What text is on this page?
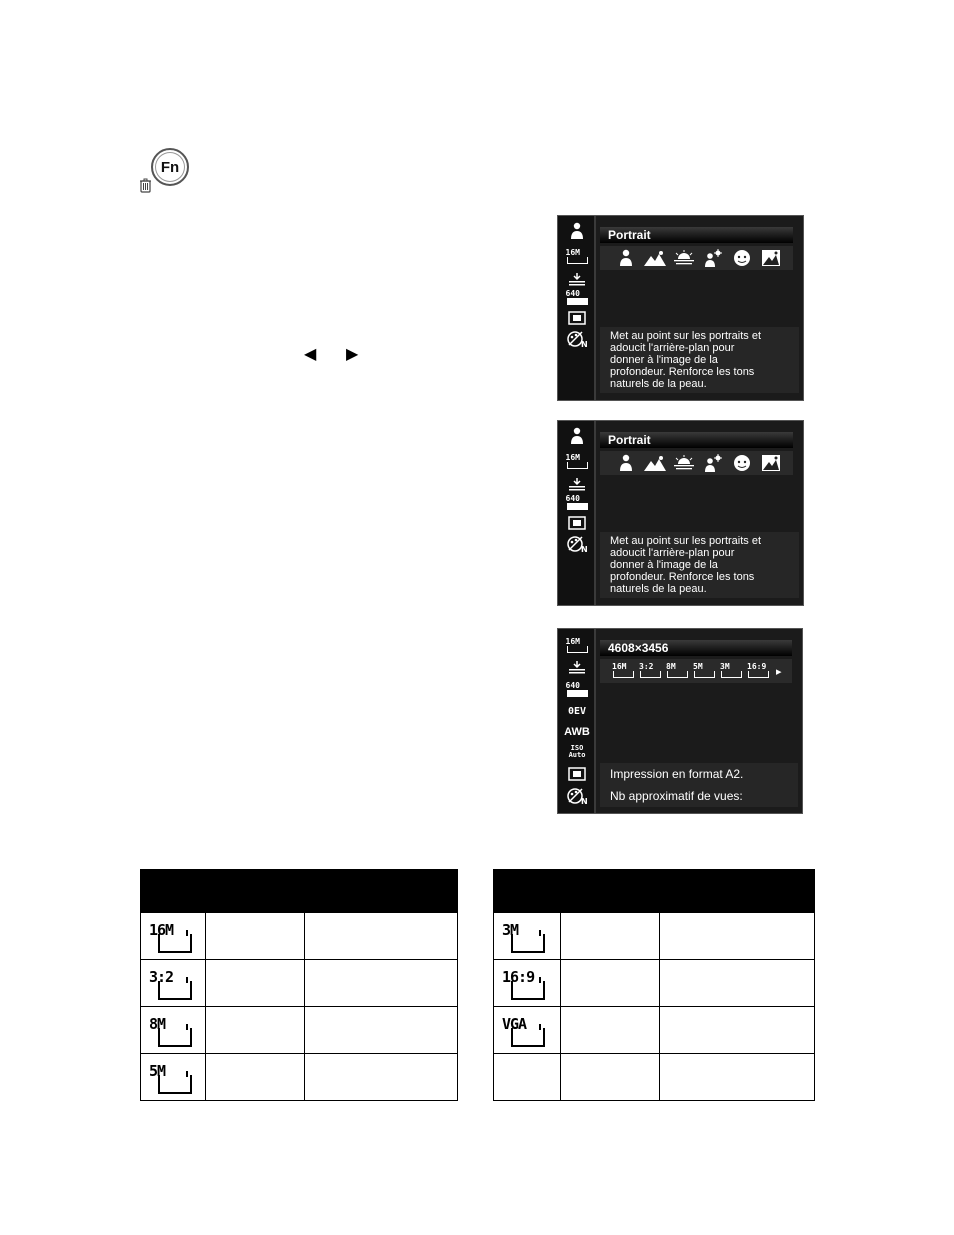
Fn
◀ ▶
16M
640
N
Portrait
Met au point sur les portraits et
adoucit l'arrière-plan pour
donner à l'image de la
profondeur. Renforce les tons
naturels de la peau.
16M
640
N
Portrait
Met au point sur les portraits et
adoucit l'arrière-plan pour
donner à l'image de la
profondeur. Renforce les tons
naturels de la peau.
16M
640
0EV
AWB
ISO Auto
N
4608×3456
16M 3:2 8M 5M 3M 16:9 ▸
Impression en format A2.
Nb approximatif de vues:

16M		

3:2		

8M		

5M		

3M		

16:9		

VGA		
